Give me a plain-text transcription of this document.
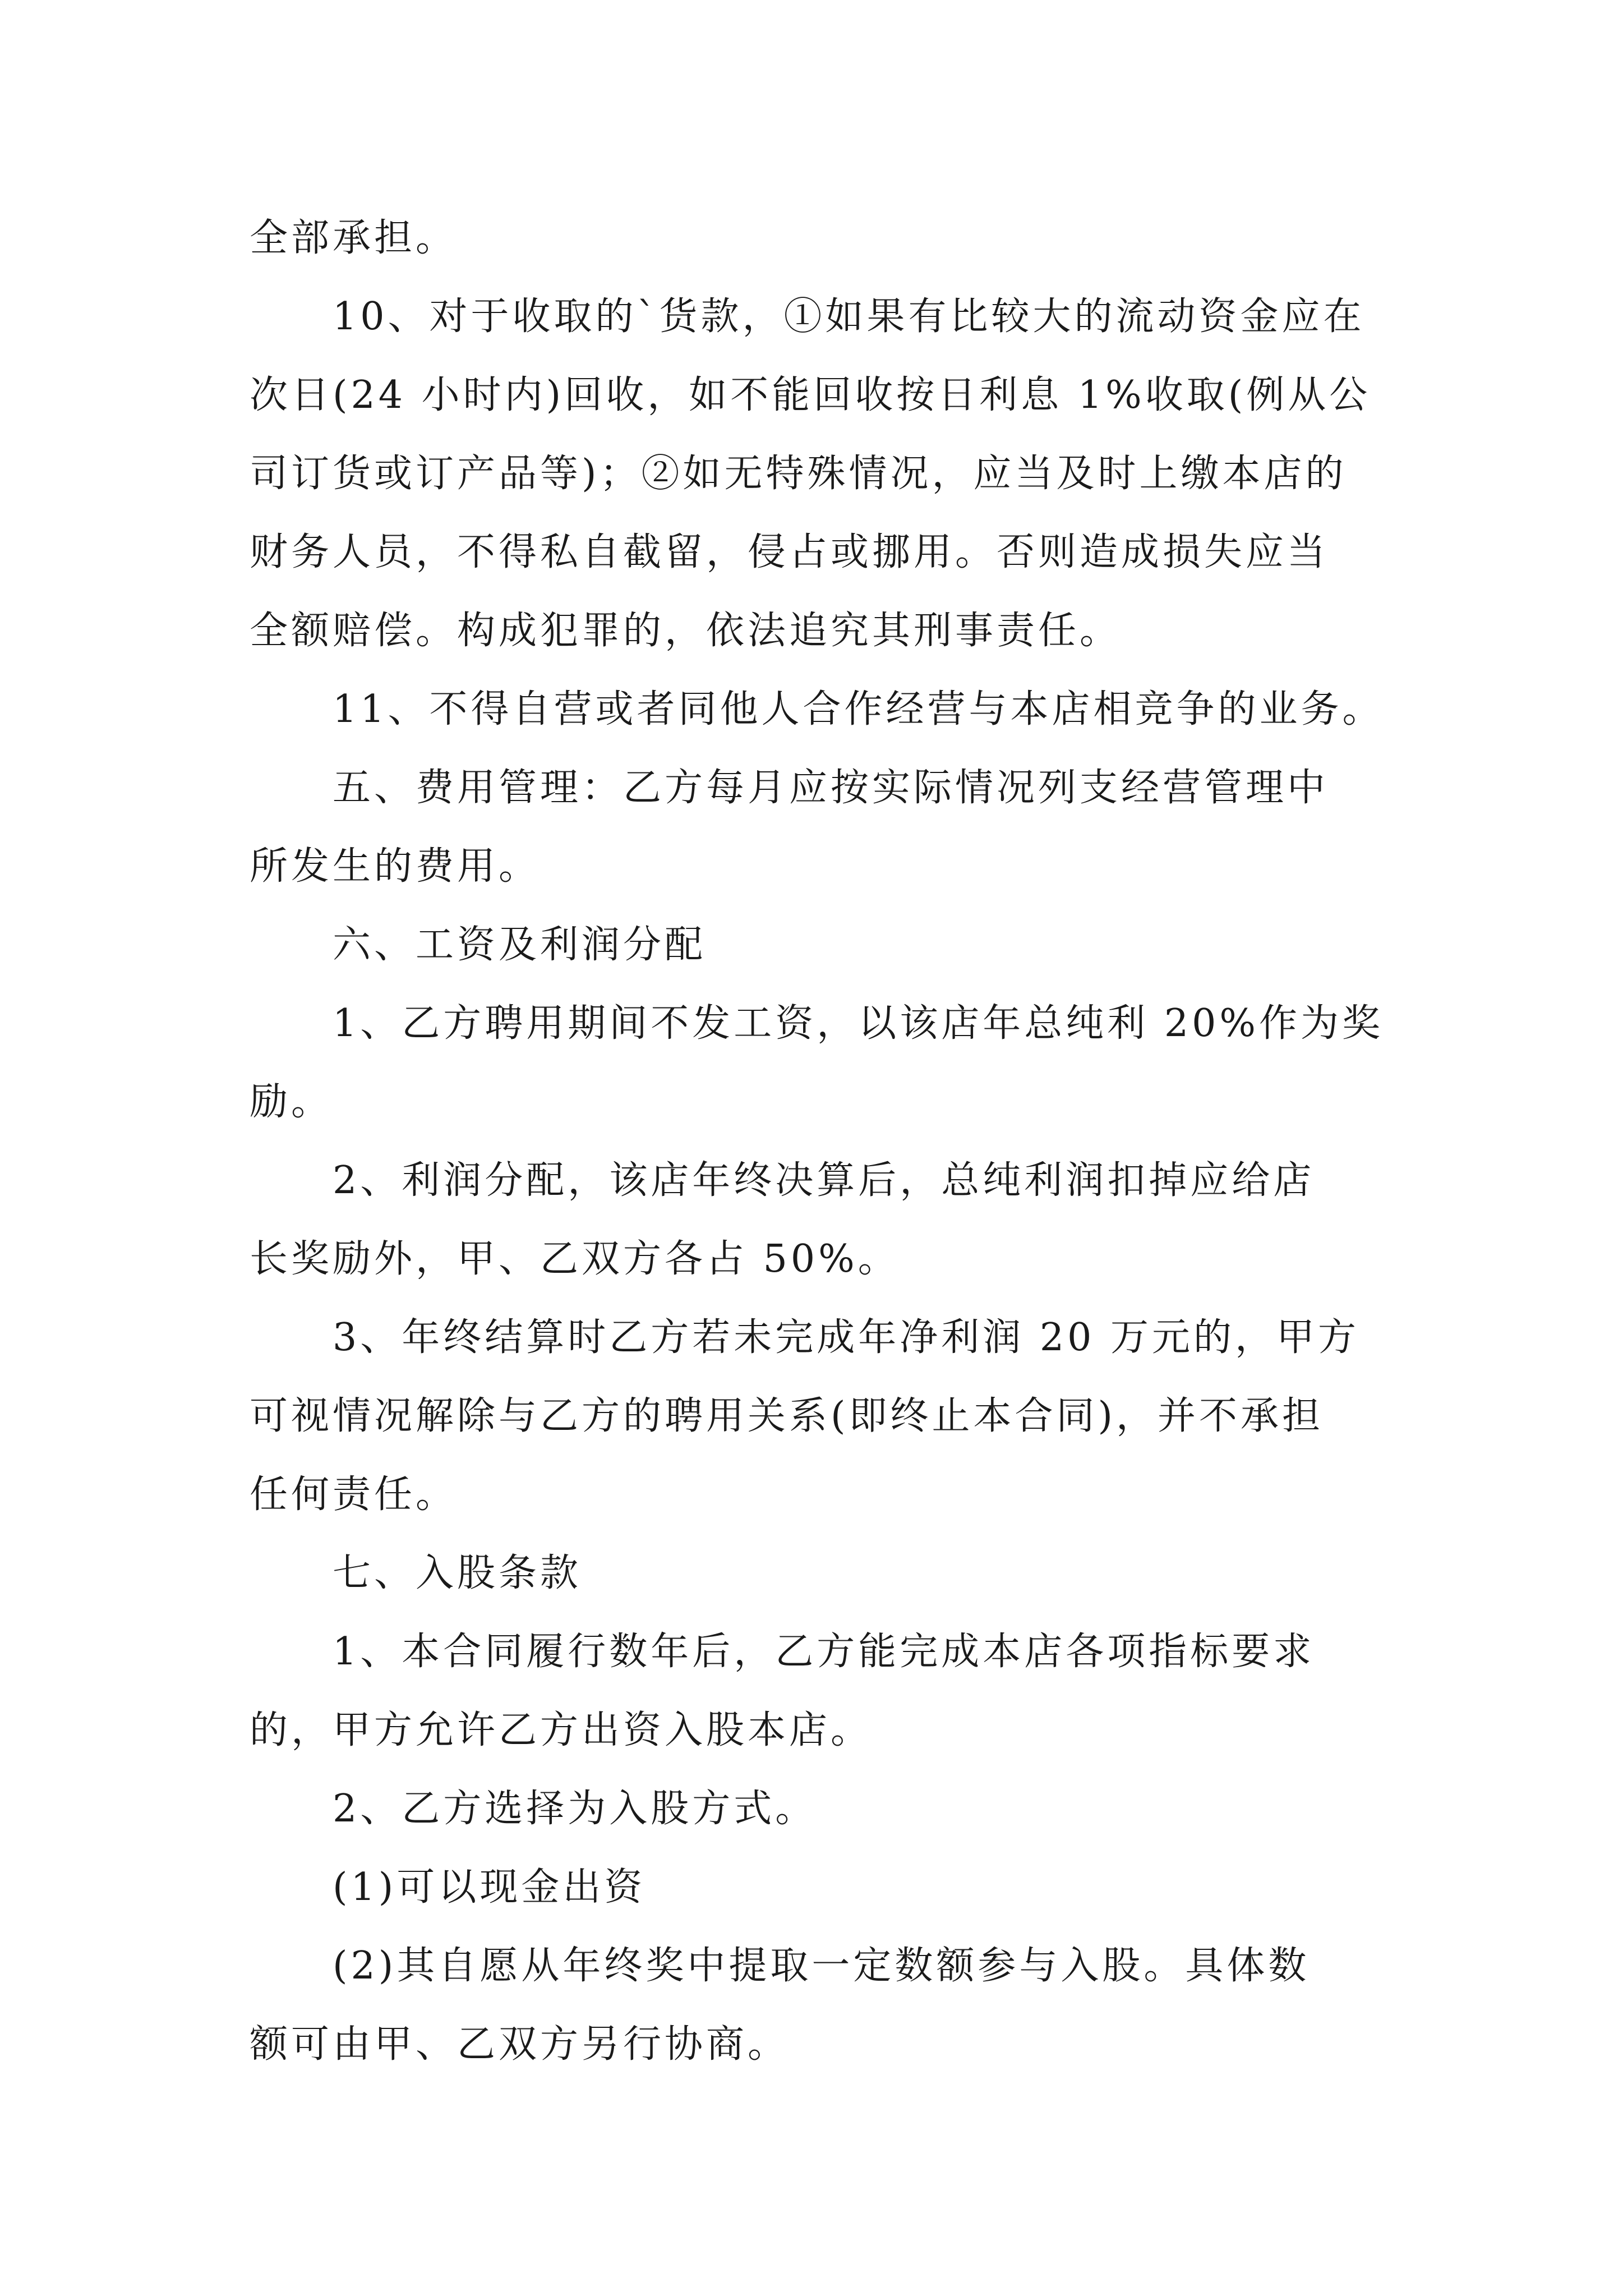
全部承担。
10、对于收取的`货款，①如果有比较大的流动资金应在
次日(24 小时内)回收，如不能回收按日利息 1%收取(例从公
司订货或订产品等)；②如无特殊情况，应当及时上缴本店的
财务人员，不得私自截留，侵占或挪用。否则造成损失应当
全额赔偿。构成犯罪的，依法追究其刑事责任。
11、不得自营或者同他人合作经营与本店相竞争的业务。
五、费用管理：乙方每月应按实际情况列支经营管理中
所发生的费用。
六、工资及利润分配
1、乙方聘用期间不发工资，以该店年总纯利 20%作为奖
励。
2、利润分配，该店年终决算后，总纯利润扣掉应给店
长奖励外，甲、乙双方各占 50%。
3、年终结算时乙方若未完成年净利润 20 万元的，甲方
可视情况解除与乙方的聘用关系(即终止本合同)，并不承担
任何责任。
七、入股条款
1、本合同履行数年后，乙方能完成本店各项指标要求
的，甲方允许乙方出资入股本店。
2、乙方选择为入股方式。
(1)可以现金出资
(2)其自愿从年终奖中提取一定数额参与入股。具体数
额可由甲、乙双方另行协商。
